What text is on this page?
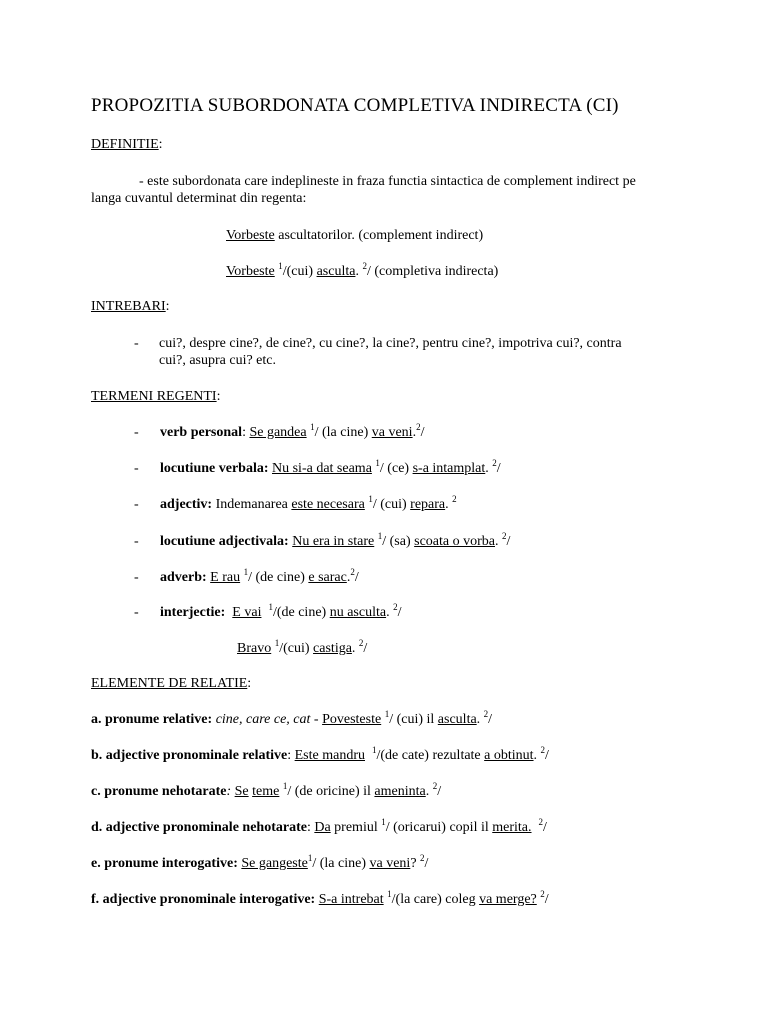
PROPOZITIA SUBORDONATA COMPLETIVA INDIRECTA (CI)
DEFINITIE:
- este subordonata care indeplineste in fraza functia sintactica de complement indirect pe
langa cuvantul determinat din regenta:
Vorbeste ascultatorilor. (complement indirect)
Vorbeste $^1$/(cui) asculta. $^2$/ (completiva indirecta)
INTREBARI:
- cui?, despre cine?, de cine?, cu cine?, la cine?, pentru cine?, impotriva cui?, contra
cui?, asupra cui? etc.
TERMENI REGENTI:
- verb personal: Se gandea $^1$/ (la cine) va veni.$^2$/
- locutiune verbala: Nu si-a dat seama $^1$/ (ce) s-a intamplat. $^2$/
- adjectiv: Indemanarea este necesara $^1$/ (cui) repara. $^2$
- locutiune adjectivala: Nu era in stare $^1$/ (sa) scoata o vorba. $^2$/
- adverb: E rau $^1$/ (de cine) e sarac.$^2$/
- interjectie: E vai $^1$/(de cine) nu asculta. $^2$/
Bravo $^1$/(cui) castiga. $^2$/
ELEMENTE DE RELATIE:
a. pronume relative: cine, care ce, cat - Povesteste $^1$/ (cui) il asculta. $^2$/
b. adjective pronominale relative: Este mandru $^1$/(de cate) rezultate a obtinut. $^2$/
c. pronume nehotarate: Se teme $^1$/ (de oricine) il ameninta. $^2$/
d. adjective pronominale nehotarate: Da premiul $^1$/ (oricarui) copil il merita. $^2$/
e. pronume interogative: Se gangeste$^1$/ (la cine) va veni? $^2$/
f. adjective pronominale interogative: S-a intrebat $^1$/(la care) coleg va merge? $^2$/
